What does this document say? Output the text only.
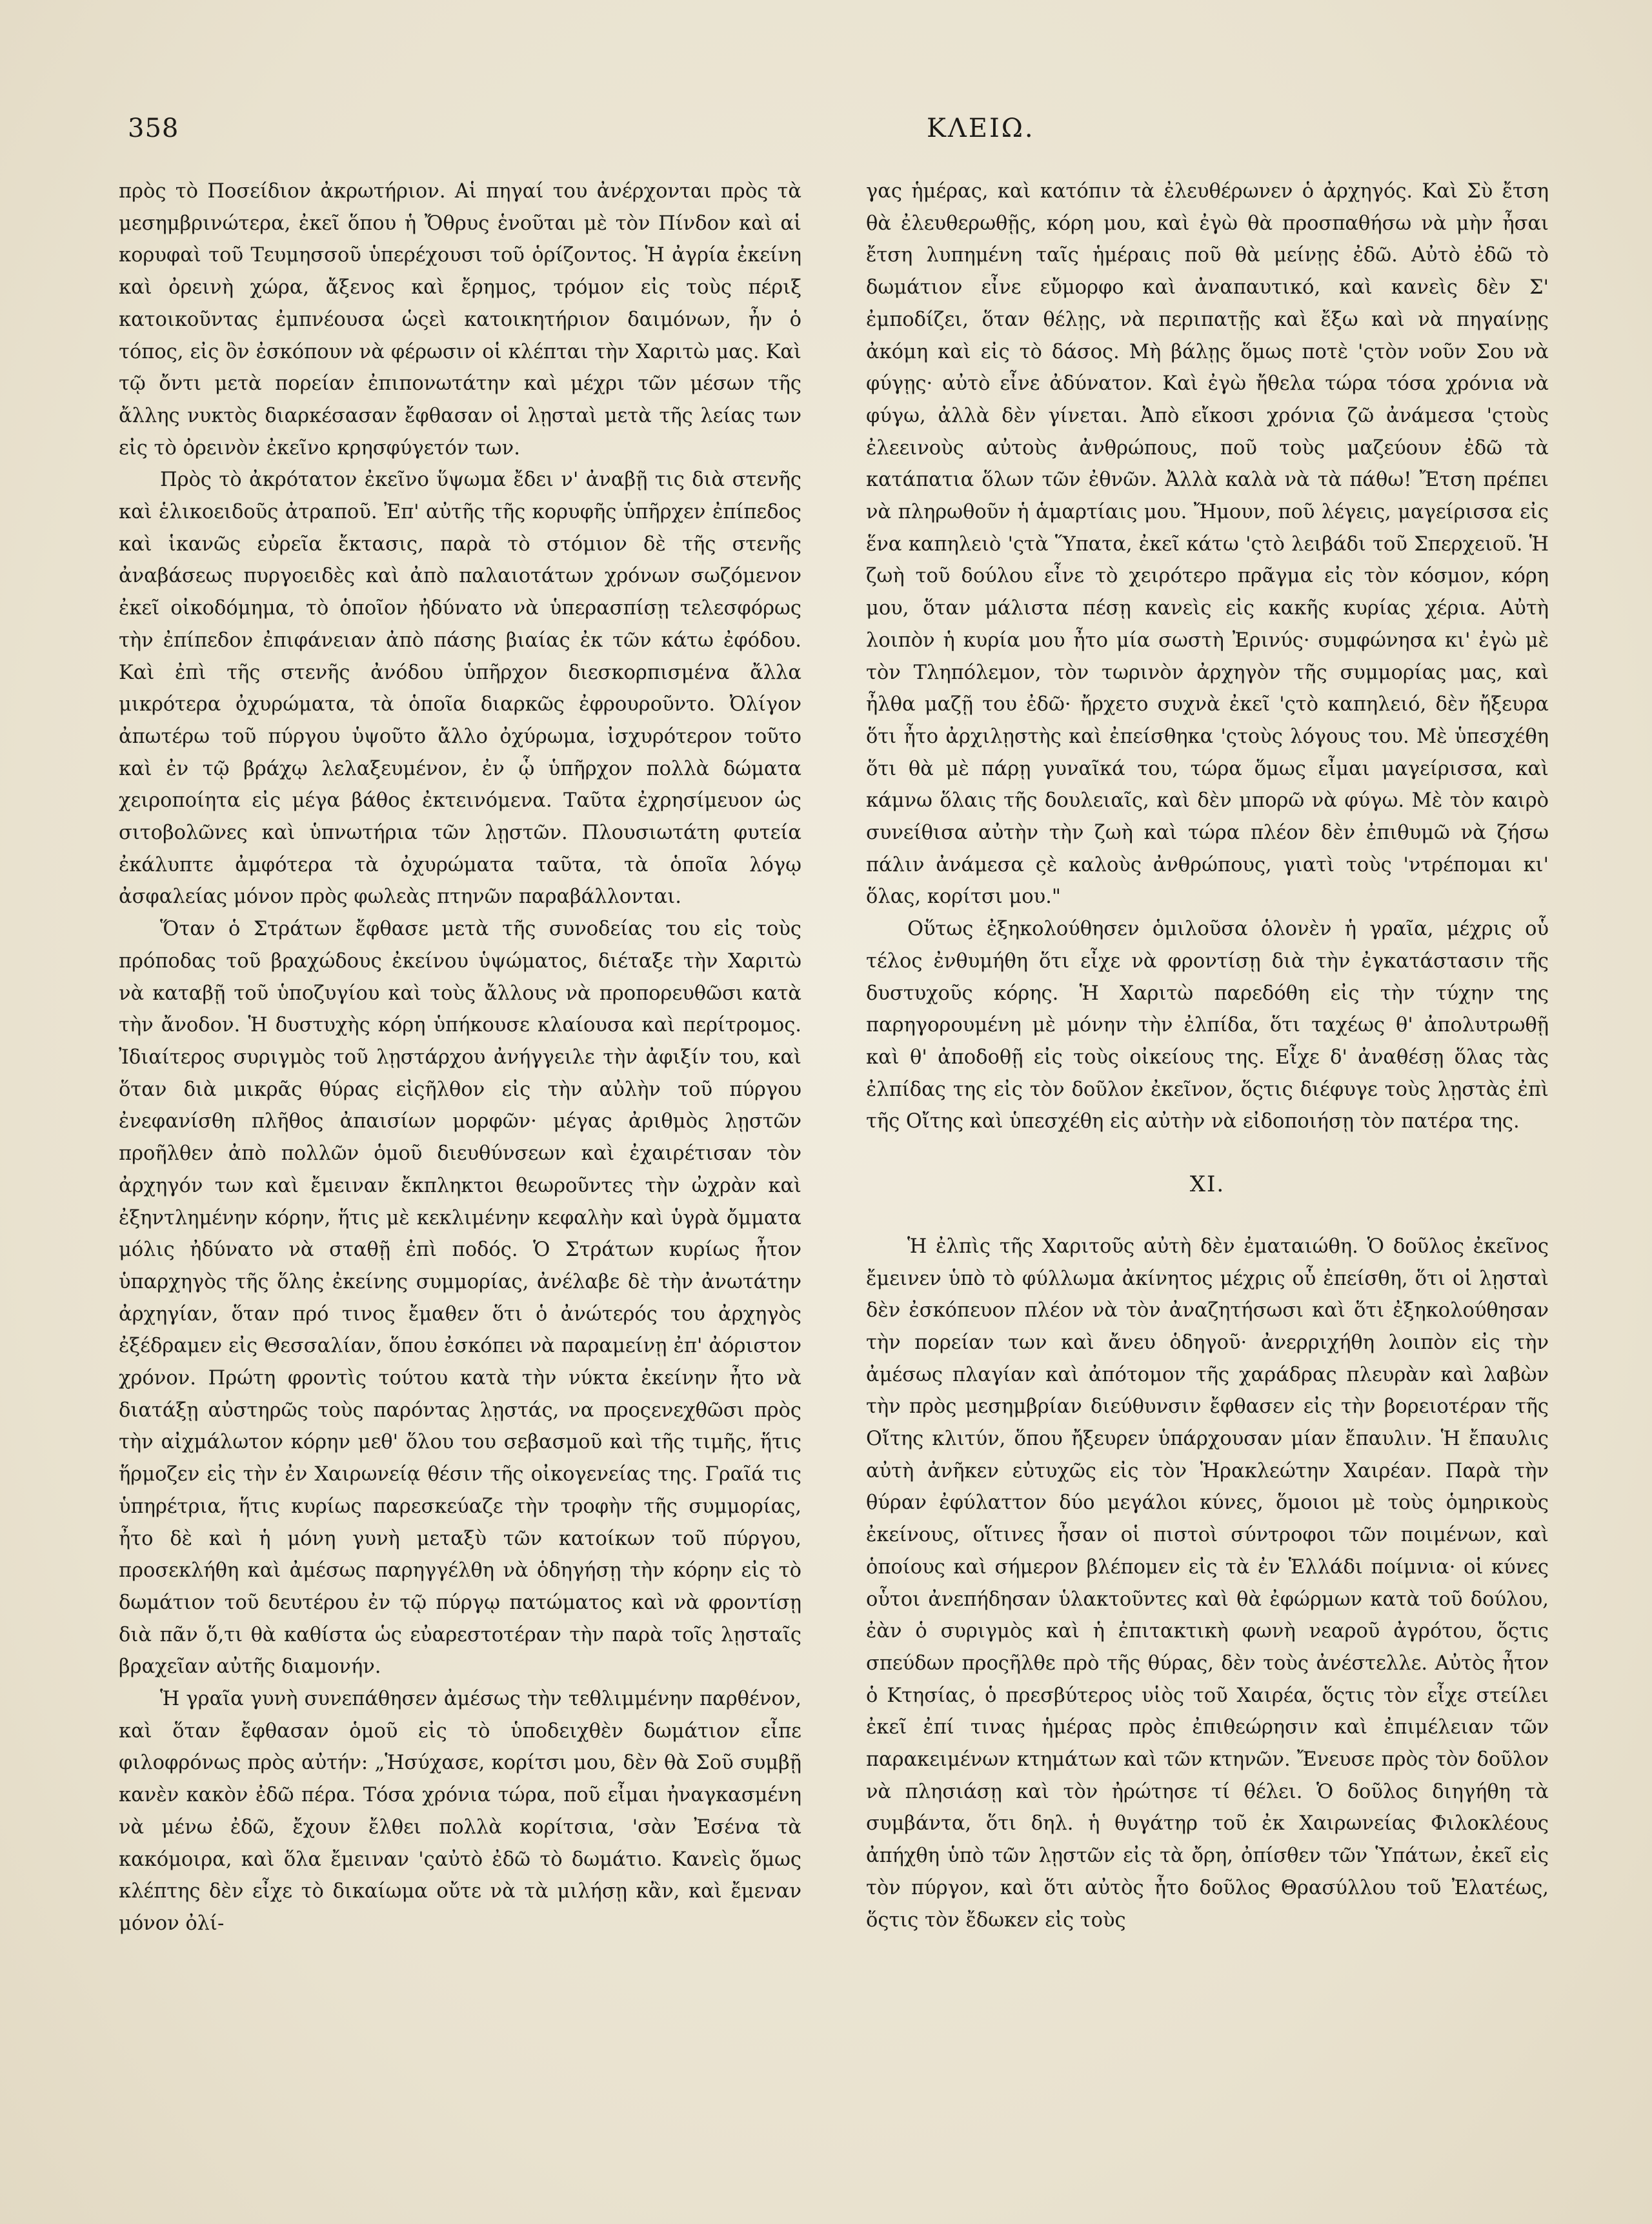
358	ΚΛΕΙΩ.

πρὸς τὸ Ποσείδιον ἀκρωτήριον. Αἱ πηγαί του ἀνέρχονται πρὸς τὰ μεσημβρινώτερα, ἐκεῖ ὅπου ἡ Ὄθρυς ἑνοῦται μὲ τὸν Πίνδον καὶ αἱ κορυφαὶ τοῦ Τευμησσοῦ ὑπερέχουσι τοῦ ὁρίζοντος. Ἡ ἀγρία ἐκείνη καὶ ὀρεινὴ χώρα, ἄξενος καὶ ἔρημος, τρόμον εἰς τοὺς πέριξ κατοικοῦντας ἐμπνέουσα ὡςεὶ κατοικητήριον δαιμόνων, ἦν ὁ τόπος, εἰς ὃν ἐσκόπουν νὰ φέρωσιν οἱ κλέπται τὴν Χαριτὼ μας. Καὶ τῷ ὄντι μετὰ πορείαν ἐπιπονωτάτην καὶ μέχρι τῶν μέσων τῆς ἄλλης νυκτὸς διαρκέσασαν ἔφθασαν οἱ λῃσταὶ μετὰ τῆς λείας των εἰς τὸ ὀρεινὸν ἐκεῖνο κρησφύγετόν των.

Πρὸς τὸ ἀκρότατον ἐκεῖνο ὕψωμα ἔδει ν' ἀναβῇ τις διὰ στενῆς καὶ ἑλικοειδοῦς ἀτραποῦ. Ἐπ' αὐτῆς τῆς κορυφῆς ὑπῆρχεν ἐπίπεδος καὶ ἱκανῶς εὐρεῖα ἔκτασις, παρὰ τὸ στόμιον δὲ τῆς στενῆς ἀναβάσεως πυργοειδὲς καὶ ἀπὸ παλαιοτάτων χρόνων σωζόμενον ἐκεῖ οἰκοδόμημα, τὸ ὁποῖον ἠδύνατο νὰ ὑπερασπίσῃ τελεσφόρως τὴν ἐπίπεδον ἐπιφάνειαν ἀπὸ πάσης βιαίας ἐκ τῶν κάτω ἐφόδου. Καὶ ἐπὶ τῆς στενῆς ἀνόδου ὑπῆρχον διεσκορπισμένα ἄλλα μικρότερα ὀχυρώματα, τὰ ὁποῖα διαρκῶς ἐφρουροῦντο. Ὀλίγον ἀπωτέρω τοῦ πύργου ὑψοῦτο ἄλλο ὀχύρωμα, ἰσχυρότερον τοῦτο καὶ ἐν τῷ βράχῳ λελαξευμένον, ἐν ᾧ ὑπῆρχον πολλὰ δώματα χειροποίητα εἰς μέγα βάθος ἐκτεινόμενα. Ταῦτα ἐχρησίμευον ὡς σιτοβολῶνες καὶ ὑπνωτήρια τῶν λῃστῶν. Πλουσιωτάτη φυτεία ἐκάλυπτε ἀμφότερα τὰ ὀχυρώματα ταῦτα, τὰ ὁποῖα λόγῳ ἀσφαλείας μόνον πρὸς φωλεὰς πτηνῶν παραβάλλονται.

Ὅταν ὁ Στράτων ἔφθασε μετὰ τῆς συνοδείας του εἰς τοὺς πρόποδας τοῦ βραχώδους ἐκείνου ὑψώματος, διέταξε τὴν Χαριτὼ νὰ καταβῇ τοῦ ὑποζυγίου καὶ τοὺς ἄλλους νὰ προπορευθῶσι κατὰ τὴν ἄνοδον. Ἡ δυστυχὴς κόρη ὑπήκουσε κλαίουσα καὶ περίτρομος. Ἰδιαίτερος συριγμὸς τοῦ λῃστάρχου ἀνήγγειλε τὴν ἀφιξίν του, καὶ ὅταν διὰ μικρᾶς θύρας εἰςῆλθον εἰς τὴν αὐλὴν τοῦ πύργου ἐνεφανίσθη πλῆθος ἀπαισίων μορφῶν· μέγας ἀριθμὸς λῃστῶν προῆλθεν ἀπὸ πολλῶν ὁμοῦ διευθύνσεων καὶ ἐχαιρέτισαν τὸν ἀρχηγόν των καὶ ἔμειναν ἔκπληκτοι θεωροῦντες τὴν ὠχρὰν καὶ ἐξηντλημένην κόρην, ἥτις μὲ κεκλιμένην κεφαλὴν καὶ ὑγρὰ ὄμματα μόλις ἠδύνατο νὰ σταθῇ ἐπὶ ποδός. Ὁ Στράτων κυρίως ἦτον ὑπαρχηγὸς τῆς ὅλης ἐκείνης συμμορίας, ἀνέλαβε δὲ τὴν ἀνωτάτην ἀρχηγίαν, ὅταν πρό τινος ἔμαθεν ὅτι ὁ ἀνώτερός του ἀρχηγὸς ἐξέδραμεν εἰς Θεσσαλίαν, ὅπου ἐσκόπει νὰ παραμείνῃ ἐπ' ἀόριστον χρόνον. Πρώτη φροντὶς τούτου κατὰ τὴν νύκτα ἐκείνην ἦτο νὰ διατάξῃ αὐστηρῶς τοὺς παρόντας λῃστάς, να προςενεχθῶσι πρὸς τὴν αἰχμάλωτον κόρην μεθ' ὅλου του σεβασμοῦ καὶ τῆς τιμῆς, ἥτις ἥρμοζεν εἰς τὴν ἐν Χαιρωνείᾳ θέσιν τῆς οἰκογενείας της. Γραῖά τις ὑπηρέτρια, ἥτις κυρίως παρεσκεύαζε τὴν τροφὴν τῆς συμμορίας, ἦτο δὲ καὶ ἡ μόνη γυνὴ μεταξὺ τῶν κατοίκων τοῦ πύργου, προσεκλήθη καὶ ἀμέσως παρηγγέλθη νὰ ὁδηγήσῃ τὴν κόρην εἰς τὸ δωμάτιον τοῦ δευτέρου ἐν τῷ πύργῳ πατώματος καὶ νὰ φροντίσῃ διὰ πᾶν ὅ,τι θὰ καθίστα ὡς εὐαρεστοτέραν τὴν παρὰ τοῖς λῃσταῖς βραχεῖαν αὐτῆς διαμονήν.

Ἡ γραῖα γυνὴ συνεπάθησεν ἀμέσως τὴν τεθλιμμένην παρθένον, καὶ ὅταν ἔφθασαν ὁμοῦ εἰς τὸ ὑποδειχθὲν δωμάτιον εἶπε φιλοφρόνως πρὸς αὐτήν: „Ἡσύχασε, κορίτσι μου, δὲν θὰ Σοῦ συμβῇ κανὲν κακὸν ἐδῶ πέρα. Τόσα χρόνια τώρα, ποῦ εἶμαι ἠναγκασμένη νὰ μένω ἐδῶ, ἔχουν ἔλθει πολλὰ κορίτσια, 'σὰν Ἐσένα τὰ κακόμοιρα, καὶ ὅλα ἔμειναν 'ςαὐτὸ ἐδῶ τὸ δωμάτιο. Κανεὶς ὅμως κλέπτης δὲν εἶχε τὸ δικαίωμα οὔτε νὰ τὰ μιλήσῃ κἂν, καὶ ἔμεναν μόνον ὀλί-

γας ἡμέρας, καὶ κατόπιν τὰ ἐλευθέρωνεν ὁ ἀρχηγός. Καὶ Σὺ ἔτση θὰ ἐλευθερωθῇς, κόρη μου, καὶ ἐγὼ θὰ προσπαθήσω νὰ μὴν ἦσαι ἔτση λυπημένη ταῖς ἡμέραις ποῦ θὰ μείνῃς ἐδῶ. Αὐτὸ ἐδῶ τὸ δωμάτιον εἶνε εὔμορφο καὶ ἀναπαυτικό, καὶ κανεὶς δὲν Σ' ἐμποδίζει, ὅταν θέλῃς, νὰ περιπατῇς καὶ ἔξω καὶ νὰ πηγαίνῃς ἀκόμη καὶ εἰς τὸ δάσος. Μὴ βάλῃς ὅμως ποτὲ 'ςτὸν νοῦν Σου νὰ φύγῃς· αὐτὸ εἶνε ἀδύνατον. Καὶ ἐγὼ ἤθελα τώρα τόσα χρόνια νὰ φύγω, ἀλλὰ δὲν γίνεται. Ἀπὸ εἴκοσι χρόνια ζῶ ἀνάμεσα 'ςτοὺς ἐλεεινοὺς αὐτοὺς ἀνθρώπους, ποῦ τοὺς μαζεύουν ἐδῶ τὰ κατάπατια ὅλων τῶν ἐθνῶν. Ἀλλὰ καλὰ νὰ τὰ πάθω! Ἔτση πρέπει νὰ πληρωθοῦν ἡ ἁμαρτίαις μου. Ἤμουν, ποῦ λέγεις, μαγείρισσα εἰς ἕνα καπηλειὸ 'ςτὰ Ὕπατα, ἐκεῖ κάτω 'ςτὸ λειβάδι τοῦ Σπερχειοῦ. Ἡ ζωὴ τοῦ δούλου εἶνε τὸ χειρότερο πρᾶγμα εἰς τὸν κόσμον, κόρη μου, ὅταν μάλιστα πέσῃ κανεὶς εἰς κακῆς κυρίας χέρια. Αὐτὴ λοιπὸν ἡ κυρία μου ἦτο μία σωστὴ Ἐρινύς· συμφώνησα κι' ἐγὼ μὲ τὸν Τληπόλεμον, τὸν τωρινὸν ἀρχηγὸν τῆς συμμορίας μας, καὶ ἦλθα μαζῇ του ἐδῶ· ἤρχετο συχνὰ ἐκεῖ 'ςτὸ καπηλειό, δὲν ἤξευρα ὅτι ἦτο ἀρχιλῃστὴς καὶ ἐπείσθηκα 'ςτοὺς λόγους του. Μὲ ὑπεσχέθη ὅτι θὰ μὲ πάρῃ γυναῖκά του, τώρα ὅμως εἶμαι μαγείρισσα, καὶ κάμνω ὅλαις τῆς δουλειαῖς, καὶ δὲν μπορῶ νὰ φύγω. Μὲ τὸν καιρὸ συνείθισα αὐτὴν τὴν ζωὴ καὶ τώρα πλέον δὲν ἐπιθυμῶ νὰ ζήσω πάλιν ἀνάμεσα ςὲ καλοὺς ἀνθρώπους, γιατὶ τοὺς 'ντρέπομαι κι' ὅλας, κορίτσι μου."

Οὕτως ἐξηκολούθησεν ὁμιλοῦσα ὁλονὲν ἡ γραῖα, μέχρις οὗ τέλος ἐνθυμήθη ὅτι εἶχε νὰ φροντίσῃ διὰ τὴν ἐγκατάστασιν τῆς δυστυχοῦς κόρης. Ἡ Χαριτὼ παρεδόθη εἰς τὴν τύχην της παρηγορουμένη μὲ μόνην τὴν ἐλπίδα, ὅτι ταχέως θ' ἀπολυτρωθῇ καὶ θ' ἀποδοθῇ εἰς τοὺς οἰκείους της. Εἶχε δ' ἀναθέσῃ ὅλας τὰς ἐλπίδας της εἰς τὸν δοῦλον ἐκεῖνον, ὅςτις διέφυγε τοὺς λῃστὰς ἐπὶ τῆς Οἴτης καὶ ὑπεσχέθη εἰς αὐτὴν νὰ εἰδοποιήσῃ τὸν πατέρα της.

XI.

Ἡ ἐλπὶς τῆς Χαριτοῦς αὐτὴ δὲν ἐματαιώθη. Ὁ δοῦλος ἐκεῖνος ἔμεινεν ὑπὸ τὸ φύλλωμα ἀκίνητος μέχρις οὗ ἐπείσθη, ὅτι οἱ λῃσταὶ δὲν ἐσκόπευον πλέον νὰ τὸν ἀναζητήσωσι καὶ ὅτι ἐξηκολούθησαν τὴν πορείαν των καὶ ἄνευ ὁδηγοῦ· ἀνερριχήθη λοιπὸν εἰς τὴν ἀμέσως πλαγίαν καὶ ἀπότομον τῆς χαράδρας πλευρὰν καὶ λαβὼν τὴν πρὸς μεσημβρίαν διεύθυνσιν ἔφθασεν εἰς τὴν βορειοτέραν τῆς Οἴτης κλιτύν, ὅπου ἤξευρεν ὑπάρχουσαν μίαν ἔπαυλιν. Ἡ ἔπαυλις αὐτὴ ἀνῆκεν εὐτυχῶς εἰς τὸν Ἡρακλεώτην Χαιρέαν. Παρὰ τὴν θύραν ἐφύλαττον δύο μεγάλοι κύνες, ὅμοιοι μὲ τοὺς ὁμηρικοὺς ἐκείνους, οἵτινες ἦσαν οἱ πιστοὶ σύντροφοι τῶν ποιμένων, καὶ ὁποίους καὶ σήμερον βλέπομεν εἰς τὰ ἐν Ἑλλάδι ποίμνια· οἱ κύνες οὗτοι ἀνεπήδησαν ὑλακτοῦντες καὶ θὰ ἐφώρμων κατὰ τοῦ δούλου, ἐὰν ὁ συριγμὸς καὶ ἡ ἐπιτακτικὴ φωνὴ νεαροῦ ἀγρότου, ὅςτις σπεύδων προςῆλθε πρὸ τῆς θύρας, δὲν τοὺς ἀνέστελλε. Αὐτὸς ἦτον ὁ Κτησίας, ὁ πρεσβύτερος υἱὸς τοῦ Χαιρέα, ὅςτις τὸν εἶχε στείλει ἐκεῖ ἐπί τινας ἡμέρας πρὸς ἐπιθεώρησιν καὶ ἐπιμέλειαν τῶν παρακειμένων κτημάτων καὶ τῶν κτηνῶν. Ἔνευσε πρὸς τὸν δοῦλον νὰ πλησιάσῃ καὶ τὸν ἠρώτησε τί θέλει. Ὁ δοῦλος διηγήθη τὰ συμβάντα, ὅτι δηλ. ἡ θυγάτηρ τοῦ ἐκ Χαιρωνείας Φιλοκλέους ἀπήχθη ὑπὸ τῶν λῃστῶν εἰς τὰ ὄρη, ὀπίσθεν τῶν Ὑπάτων, ἐκεῖ εἰς τὸν πύργον, καὶ ὅτι αὐτὸς ἦτο δοῦλος Θρασύλλου τοῦ Ἐλατέως, ὅςτις τὸν ἔδωκεν εἰς τοὺς
